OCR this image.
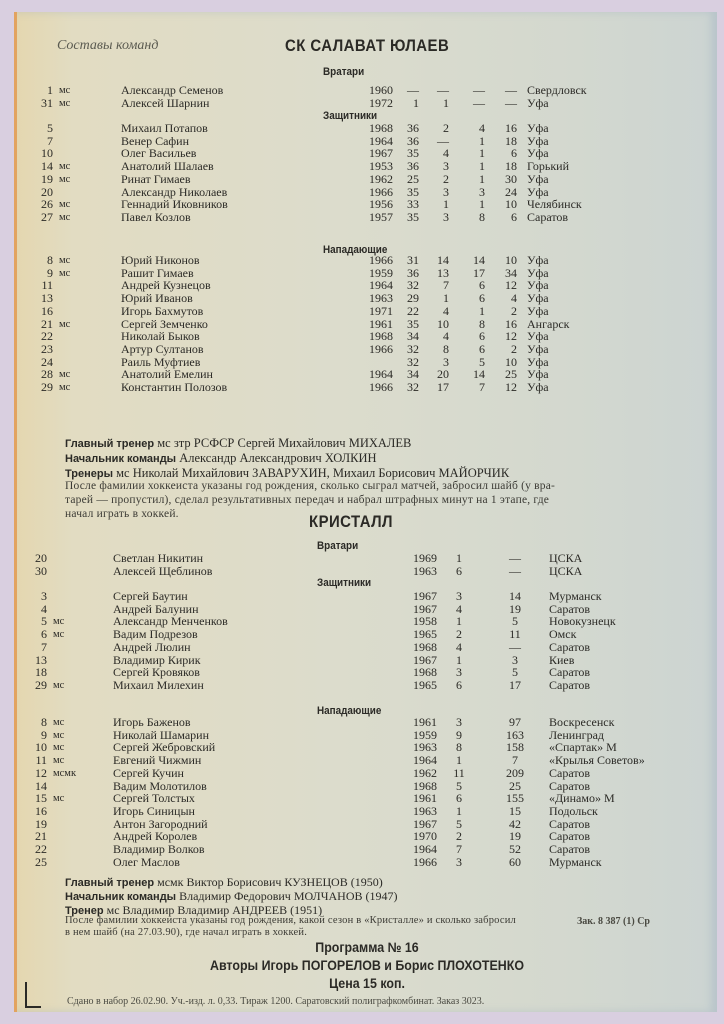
Составы команд	СК САЛАВАТ ЮЛАЕВ
Вратари
1 мс	Александр Семенов	1960	—	—	—	— Свердловск
31 мс	Алексей Шарнин	1972	1	1	—	— Уфа
Защитники
5	Михаил Потапов	1968	36	2	4	16 Уфа
7	Венер Сафин	1964	36	—	1	18 Уфа
10	Олег Васильев	1967	35	4	1	6 Уфа
14 мс	Анатолий Шалаев	1953	36	3	1	18 Горький
19 мс	Ринат Гимаев	1962	25	2	1	30 Уфа
20	Александр Николаев	1966	35	3	3	24 Уфа
26 мс	Геннадий Иковников	1956	33	1	1	10 Челябинск
27 мс	Павел Козлов	1957	35	3	8	6 Саратов
Нападающие
8 мс	Юрий Никонов	1966	31	14	14	10 Уфа
9 мс	Рашит Гимаев	1959	36	13	17	34 Уфа
11	Андрей Кузнецов	1964	32	7	6	12 Уфа
13	Юрий Иванов	1963	29	1	6	4 Уфа
16	Игорь Бахмутов	1971	22	4	1	2 Уфа
21 мс	Сергей Земченко	1961	35	10	8	16 Ангарск
22	Николай Быков	1968	34	4	6	12 Уфа
23	Артур Султанов	1966	32	8	6	2 Уфа
24	Раиль Муфтиев	32	3	5	10 Уфа
28 мс	Анатолий Емелин	1964	34	20	14	25 Уфа
29 мс	Константин Полозов	1966	32	17	7	12 Уфа
Главный тренер мс зтр РСФСР Сергей Михайлович МИХАЛЕВ
Начальник команды Александр Александрович ХОЛКИН
Тренеры мс Николай Михайлович ЗАВАРУХИН, Михаил Борисович МАЙОРЧИК
После фамилии хоккеиста указаны год рождения, сколько сыграл матчей, забросил шайб (у вра-
тарей — пропустил), сделал результативных передач и набрал штрафных минут на 1 этапе, где
начал играть в хоккей.	КРИСТАЛЛ
Вратари
20	Светлан Никитин	1969	1	—	ЦСКА
30	Алексей Щеблинов	1963	6	—	ЦСКА
Защитники
3	Сергей Баутин	1967	3	14	Мурманск
4	Андрей Балунин	1967	4	19	Саратов
5 мс	Александр Менченков	1958	1	5	Новокузнецк
6 мс	Вадим Подрезов	1965	2	11	Омск
7	Андрей Люлин	1968	4	—	Саратов
13	Владимир Кирик	1967	1	3	Киев
18	Сергей Кровяков	1968	3	5	Саратов
29 мс	Михаил Милехин	1965	6	17	Саратов
Нападающие
8 мс	Игорь Баженов	1961	3	97	Воскресенск
9 мс	Николай Шамарин	1959	9	163	Ленинград
10 мс	Сергей Жебровский	1963	8	158	«Спартак» М
11 мс	Евгений Чижмин	1964	1	7	«Крылья Советов»
12 мсмк	Сергей Кучин	1962	11	209	Саратов
14	Вадим Молотилов	1968	5	25	Саратов
15 мс	Сергей Толстых	1961	6	155	«Динамо» М
16	Игорь Синицын	1963	1	15	Подольск
19	Антон Загородний	1967	5	42	Саратов
21	Андрей Королев	1970	2	19	Саратов
22	Владимир Волков	1964	7	52	Саратов
25	Олег Маслов	1966	3	60	Мурманск
Главный тренер мсмк Виктор Борисович КУЗНЕЦОВ (1950)
Начальник команды Владимир Федорович МОЛЧАНОВ (1947)
Тренер мс Владимир Владимир АНДРЕЕВ (1951)
После фамилии хоккеиста указаны год рождения, какой сезон в «Кристалле» и сколько забросил
в нем шайб (на 27.03.90), где начал играть в хоккей.
Зак. 8 387 (1) Ср
Программа № 16
Авторы Игорь ПОГОРЕЛОВ и Борис ПЛОХОТЕНКО
Цена 15 коп.
Сдано в набор 26.02.90. Уч.-изд. л. 0,33. Тираж 1200. Саратовский полиграфкомбинат. Заказ 3023.
